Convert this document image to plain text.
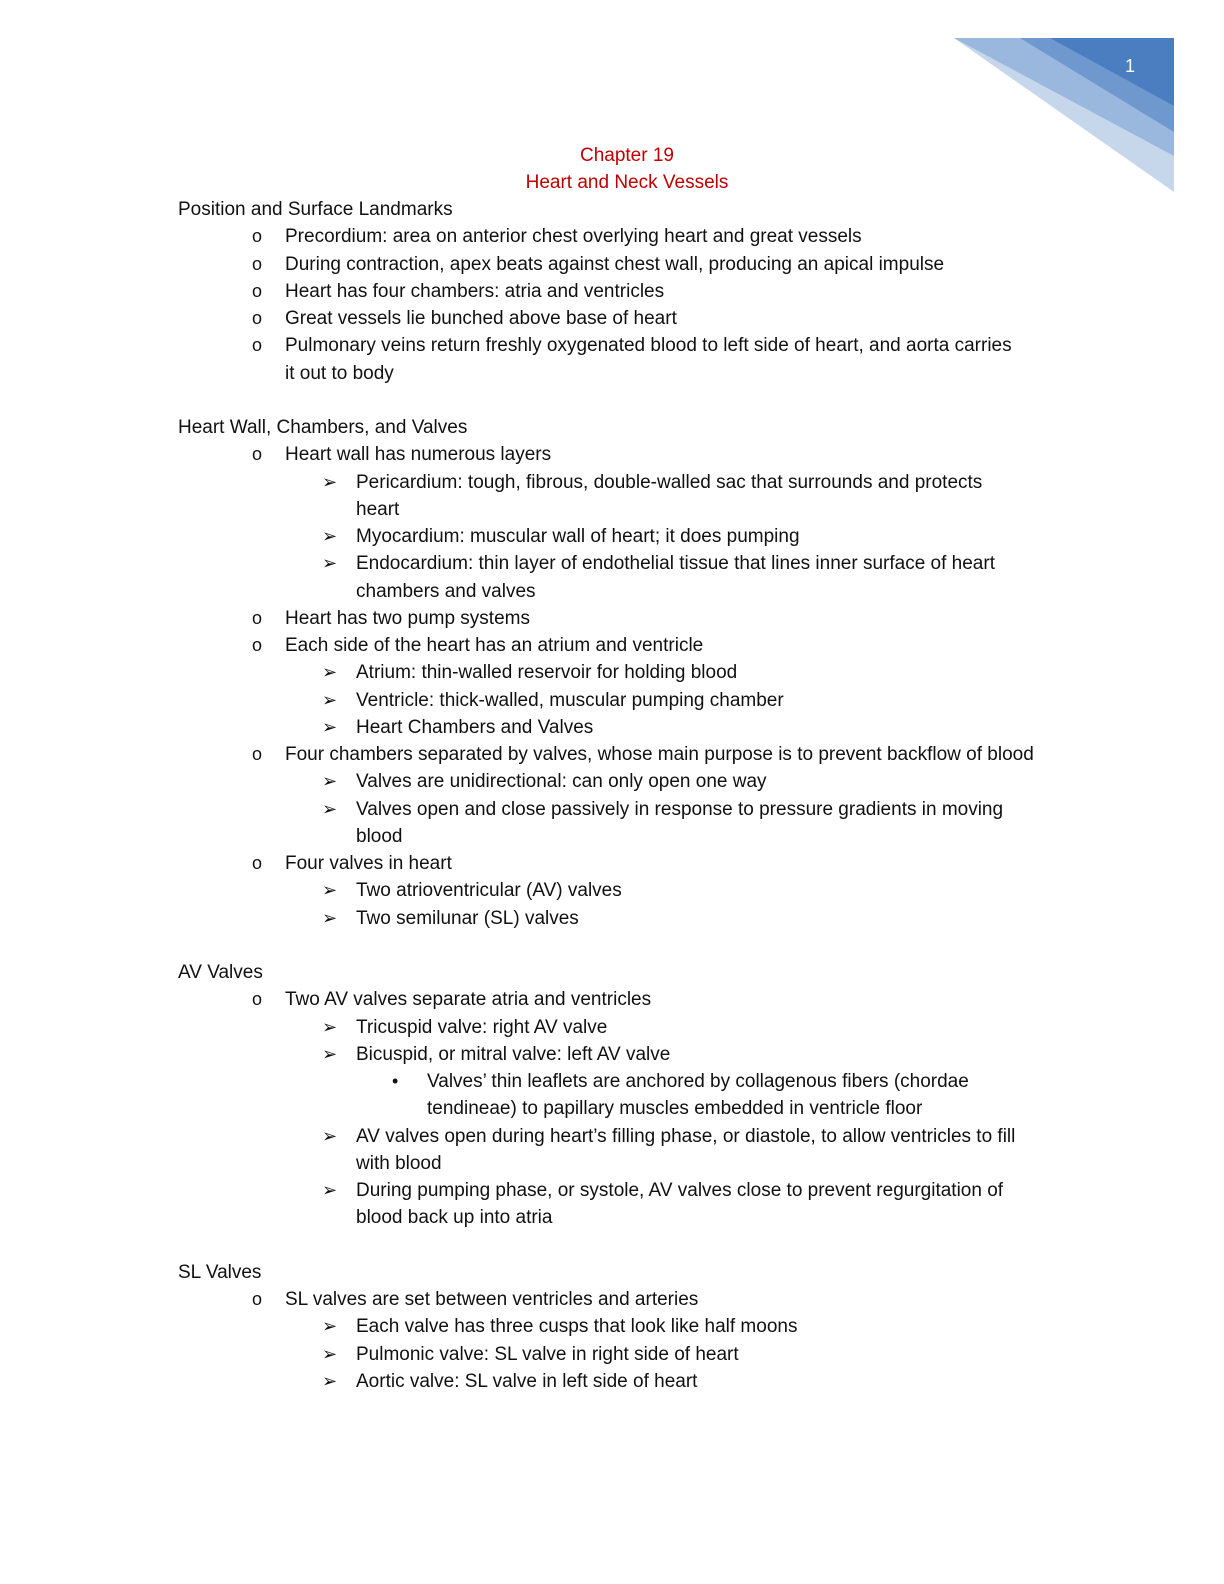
1
Chapter 19
Heart and Neck Vessels
Position and Surface Landmarks
o Precordium: area on anterior chest overlying heart and great vessels
o During contraction, apex beats against chest wall, producing an apical impulse
o Heart has four chambers: atria and ventricles
o Great vessels lie bunched above base of heart
o Pulmonary veins return freshly oxygenated blood to left side of heart, and aorta carries
it out to body
Heart Wall, Chambers, and Valves
o Heart wall has numerous layers
➢ Pericardium: tough, fibrous, double-walled sac that surrounds and protects
heart
➢ Myocardium: muscular wall of heart; it does pumping
➢ Endocardium: thin layer of endothelial tissue that lines inner surface of heart
chambers and valves
o Heart has two pump systems
o Each side of the heart has an atrium and ventricle
➢ Atrium: thin-walled reservoir for holding blood
➢ Ventricle: thick-walled, muscular pumping chamber
➢ Heart Chambers and Valves
o Four chambers separated by valves, whose main purpose is to prevent backflow of blood
➢ Valves are unidirectional: can only open one way
➢ Valves open and close passively in response to pressure gradients in moving
blood
o Four valves in heart
➢ Two atrioventricular (AV) valves
➢ Two semilunar (SL) valves
AV Valves
o Two AV valves separate atria and ventricles
➢ Tricuspid valve: right AV valve
➢ Bicuspid, or mitral valve: left AV valve
• Valves’ thin leaflets are anchored by collagenous fibers (chordae
tendineae) to papillary muscles embedded in ventricle floor
➢ AV valves open during heart’s filling phase, or diastole, to allow ventricles to fill
with blood
➢ During pumping phase, or systole, AV valves close to prevent regurgitation of
blood back up into atria
SL Valves
o SL valves are set between ventricles and arteries
➢ Each valve has three cusps that look like half moons
➢ Pulmonic valve: SL valve in right side of heart
➢ Aortic valve: SL valve in left side of heart
